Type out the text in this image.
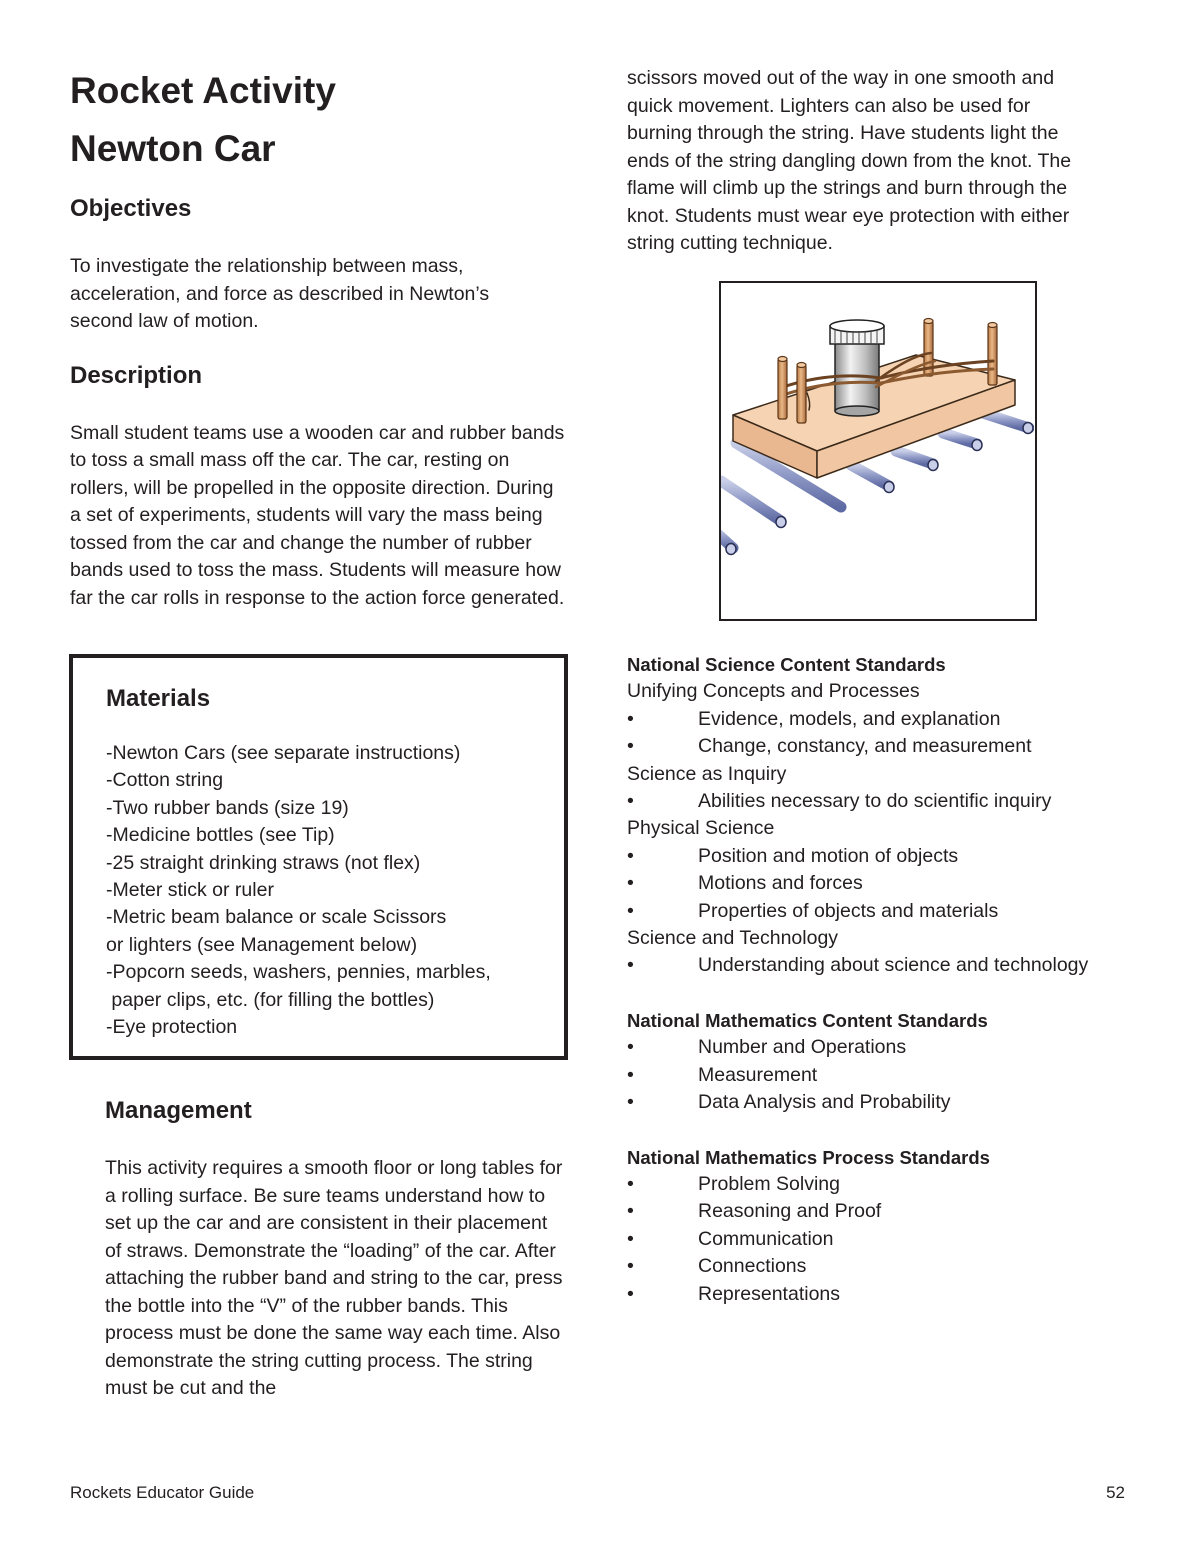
Rocket Activity
Newton Car
Objectives

To investigate the relationship between mass, acceleration, and force as described in Newton’s second law of motion.

Description

Small student teams use a wooden car and rubber bands to toss a small mass off the car. The car, resting on rollers, will be propelled in the opposite direction. During a set of experiments, students will vary the mass being tossed from the car and change the number of rubber bands used to toss the mass. Students will measure how far the car rolls in response to the action force generated.

Materials
-Newton Cars (see separate instructions)
-Cotton string
-Two rubber bands (size 19)
-Medicine bottles (see Tip)
-25 straight drinking straws (not flex)
-Meter stick or ruler
-Metric beam balance or scale Scissors
or lighters (see Management below)
-Popcorn seeds, washers, pennies, marbles,
paper clips, etc. (for filling the bottles)
-Eye protection
Management

This activity requires a smooth floor or long tables for a rolling surface. Be sure teams understand how to set up the car and are consistent in their placement of straws. Demonstrate the “loading” of the car. After attaching the rubber band and string to the car, press the bottle into the “V” of the rubber bands. This process must be done the same way each time. Also demonstrate the string cutting process. The string must be cut and the

scissors moved out of the way in one smooth and quick movement. Lighters can also be used for burning through the string. Have students light the ends of the string dangling down from the knot. The flame will climb up the strings and burn through the knot. Students must wear eye protection with either string cutting technique.

National Science Content Standards

Unifying Concepts and Processes

•	Evidence, models, and explanation
•	Change, constancy, and measurement

Science as Inquiry

•	Abilities necessary to do scientific inquiry

Physical Science

•	Position and motion of objects
•	Motions and forces
•	Properties of objects and materials

Science and Technology

•	Understanding about science and technology

National Mathematics Content Standards

•	Number and Operations
•	Measurement
•	Data Analysis and Probability

National Mathematics Process Standards

•	Problem Solving
•	Reasoning and Proof
•	Communication
•	Connections
•	Representations
Rockets Educator Guide	52
